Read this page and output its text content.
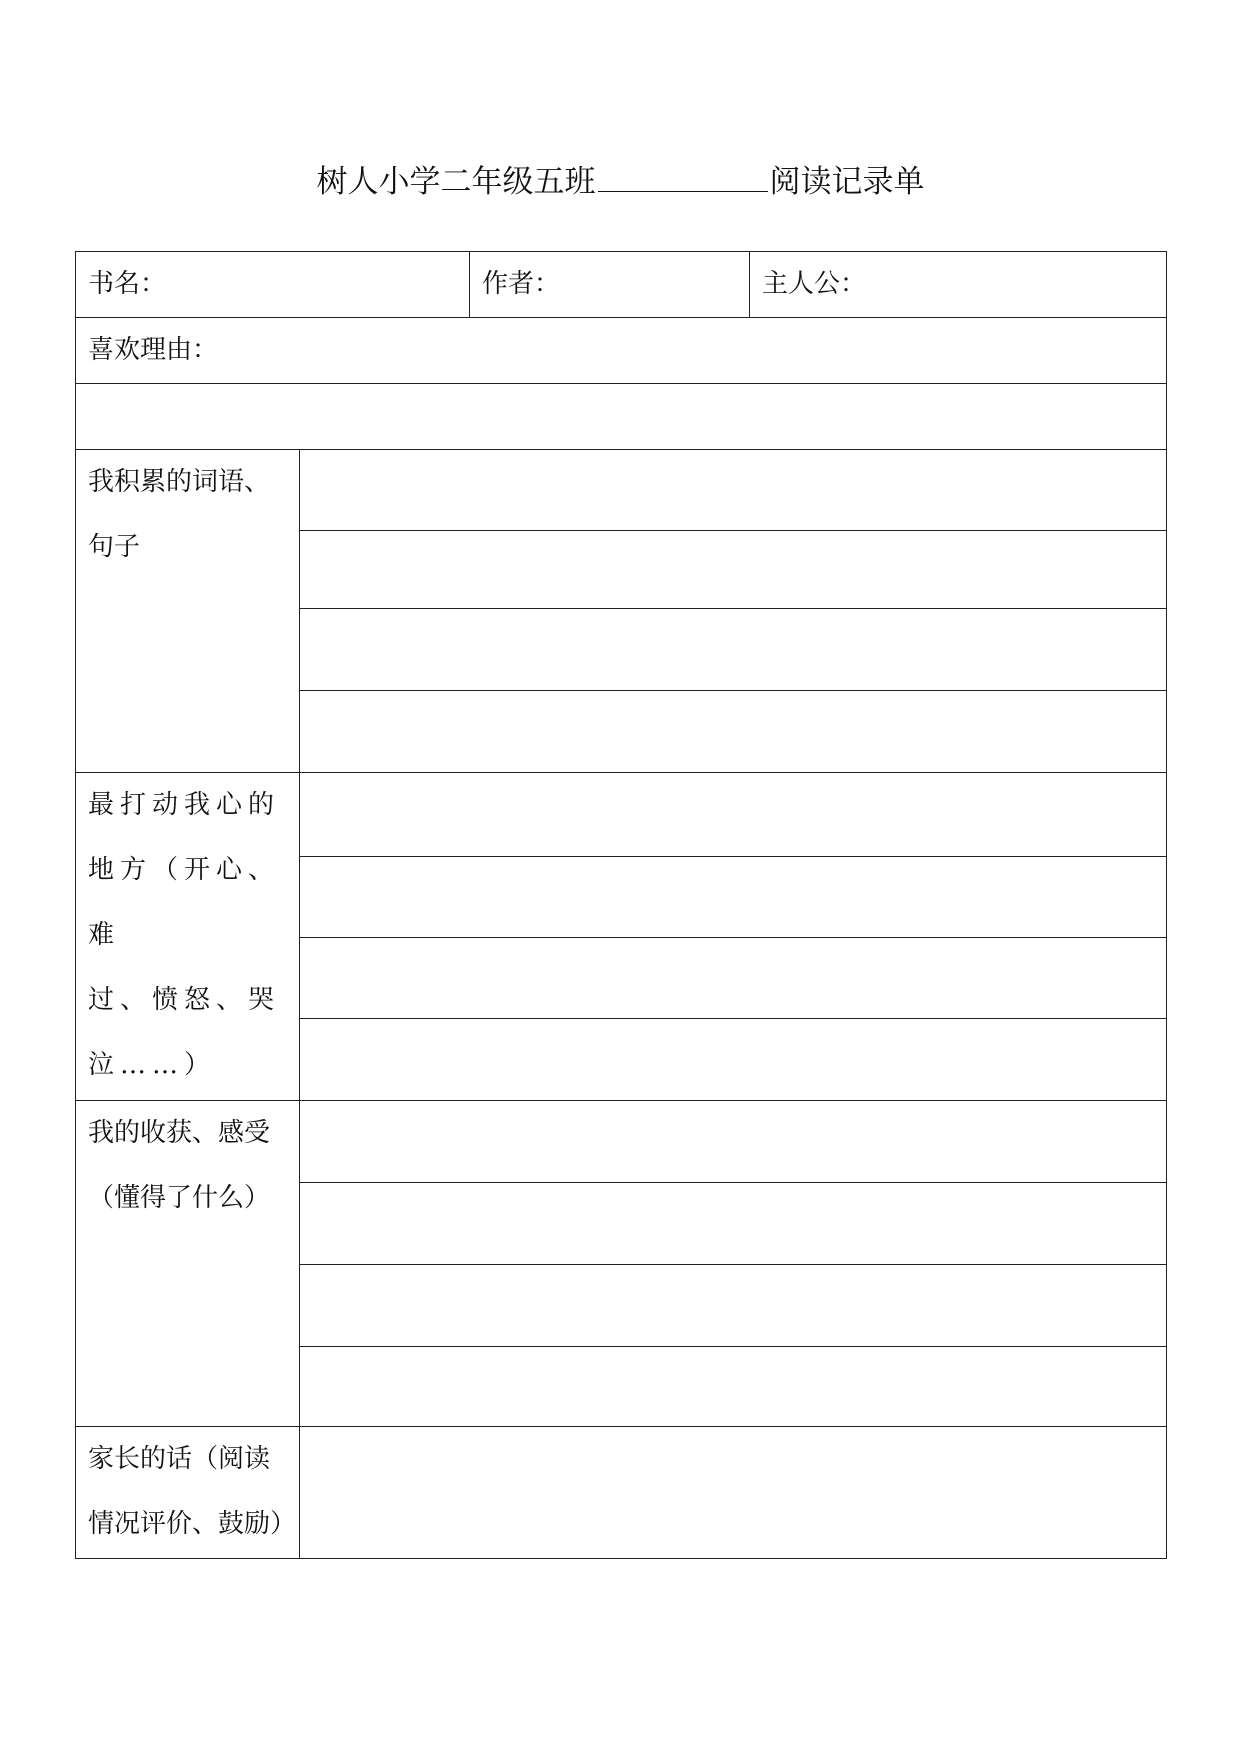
树人小学二年级五班	阅读记录单
书名：		作者：	主人公：

喜欢理由：			

我积累的词语、
句子			

最打动我心的
地方（开心、难
过、愤怒、哭
泣……）			

我的收获、感受
（懂得了什么）			

家长的话（阅读
情况评价、鼓励）			
